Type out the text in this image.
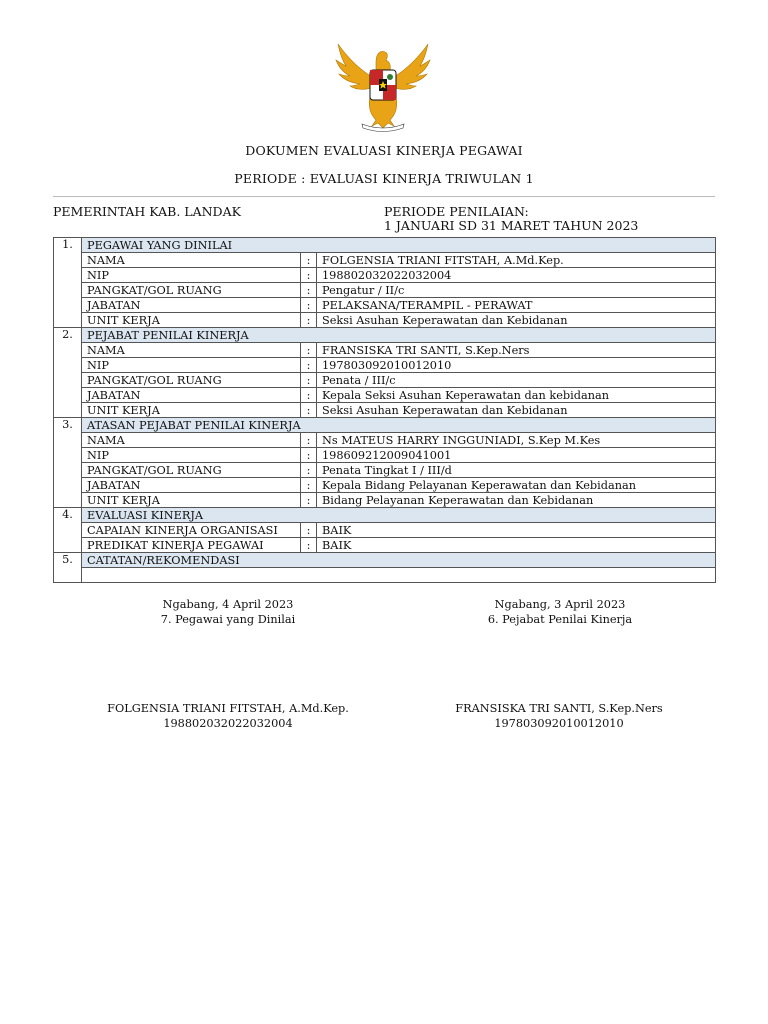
DOKUMEN EVALUASI KINERJA PEGAWAI
PERIODE : EVALUASI KINERJA TRIWULAN 1
PEMERINTAH KAB. LANDAK	PERIODE PENILAIAN:
1 JANUARI SD 31 MARET TAHUN 2023
1.	PEGAWAI YANG DINILAI		
	NAMA	:	FOLGENSIA TRIANI FITSTAH, A.Md.Kep.
	NIP	:	198802032022032004
	PANGKAT/GOL RUANG	:	Pengatur / II/c
	JABATAN	:	PELAKSANA/TERAMPIL - PERAWAT
	UNIT KERJA	:	Seksi Asuhan Keperawatan dan Kebidanan
2.	PEJABAT PENILAI KINERJA		
	NAMA	:	FRANSISKA TRI SANTI, S.Kep.Ners
	NIP	:	197803092010012010
	PANGKAT/GOL RUANG	:	Penata / III/c
	JABATAN	:	Kepala Seksi Asuhan Keperawatan dan kebidanan
	UNIT KERJA	:	Seksi Asuhan Keperawatan dan Kebidanan
3.	ATASAN PEJABAT PENILAI KINERJA		
	NAMA	:	Ns MATEUS HARRY INGGUNIADI, S.Kep M.Kes
	NIP	:	198609212009041001
	PANGKAT/GOL RUANG	:	Penata Tingkat I / III/d
	JABATAN	:	Kepala Bidang Pelayanan Keperawatan dan Kebidanan
	UNIT KERJA	:	Bidang Pelayanan Keperawatan dan Kebidanan
4.	EVALUASI KINERJA		
	CAPAIAN KINERJA ORGANISASI	:	BAIK
	PREDIKAT KINERJA PEGAWAI	:	BAIK
5.	CATATAN/REKOMENDASI		

Ngabang, 4 April 2023
7. Pegawai yang Dinilai
Ngabang, 3 April 2023
6. Pejabat Penilai Kinerja
FOLGENSIA TRIANI FITSTAH, A.Md.Kep.
198802032022032004
FRANSISKA TRI SANTI, S.Kep.Ners
197803092010012010
